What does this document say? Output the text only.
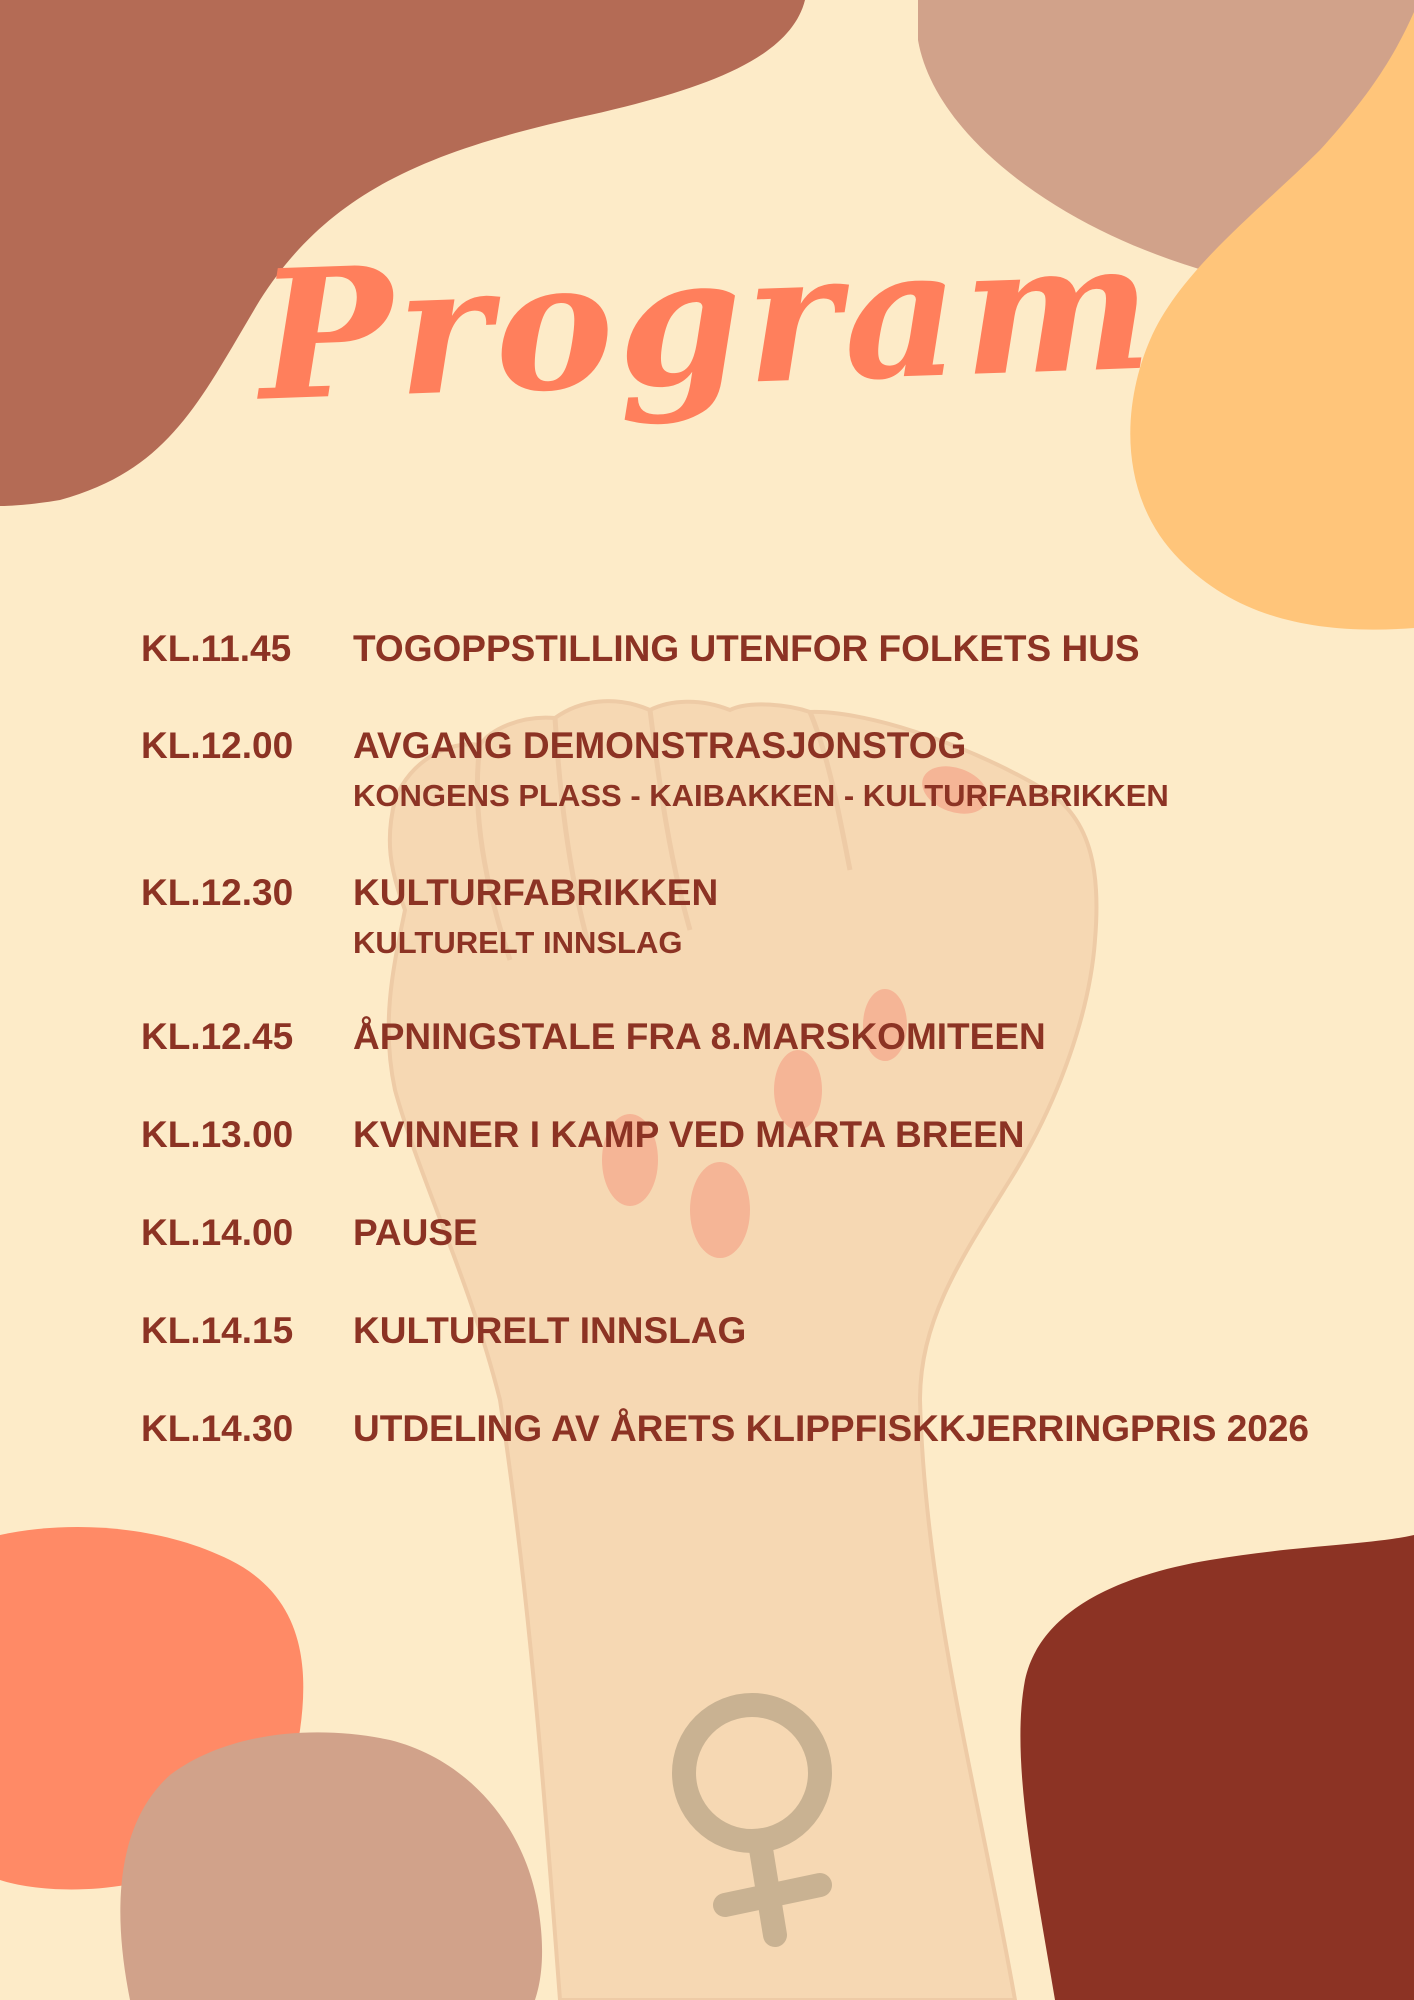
Program
KL.11.45	TOGOPPSTILLING UTENFOR FOLKETS HUS
KL.12.00	AVGANG DEMONSTRASJONSTOG
KONGENS PLASS - KAIBAKKEN - KULTURFABRIKKEN
KL.12.30	KULTURFABRIKKEN
KULTURELT INNSLAG
KL.12.45	ÅPNINGSTALE FRA 8.MARSKOMITEEN
KL.13.00	KVINNER I KAMP VED MARTA BREEN
KL.14.00	PAUSE
KL.14.15	KULTURELT INNSLAG
KL.14.30	UTDELING AV ÅRETS KLIPPFISKKJERRINGPRIS 2026
